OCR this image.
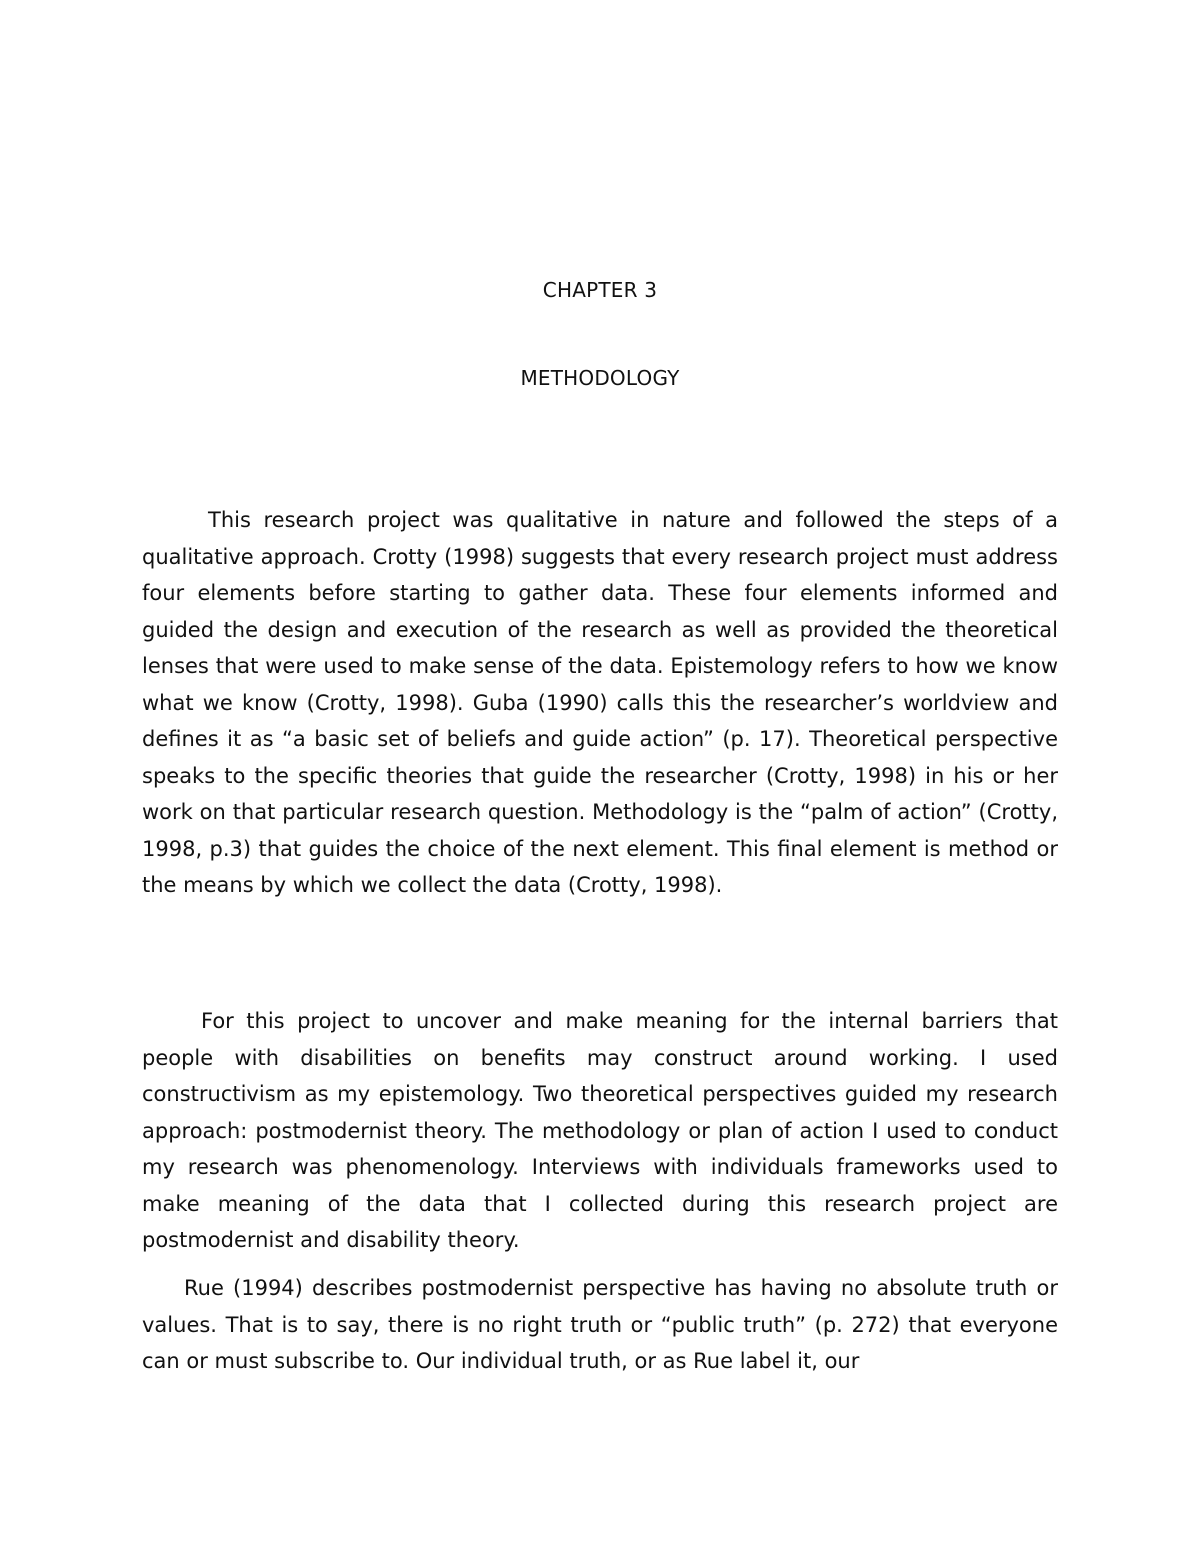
CHAPTER 3
METHODOLOGY

This research project was qualitative in nature and followed the steps of a qualitative approach. Crotty (1998) suggests that every research project must address four elements before starting to gather data. These four elements informed and guided the design and execution of the research as well as provided the theoretical lenses that were used to make sense of the data. Epistemology refers to how we know what we know (Crotty, 1998). Guba (1990) calls this the researcher’s worldview and defines it as “a basic set of beliefs and guide action” (p. 17). Theoretical perspective speaks to the specific theories that guide the researcher (Crotty, 1998) in his or her work on that particular research question. Methodology is the “palm of action” (Crotty, 1998, p.3) that guides the choice of the next element. This final element is method or the means by which we collect the data (Crotty, 1998).

For this project to uncover and make meaning for the internal barriers that people with disabilities on benefits may construct around working. I used constructivism as my epistemology. Two theoretical perspectives guided my research approach: postmodernist theory. The methodology or plan of action I used to conduct my research was phenomenology. Interviews with individuals frameworks used to make meaning of the data that I collected during this research project are postmodernist and disability theory.

Rue (1994) describes postmodernist perspective has having no absolute truth or values. That is to say, there is no right truth or “public truth” (p. 272) that everyone can or must subscribe to. Our individual truth, or as Rue label it, our
